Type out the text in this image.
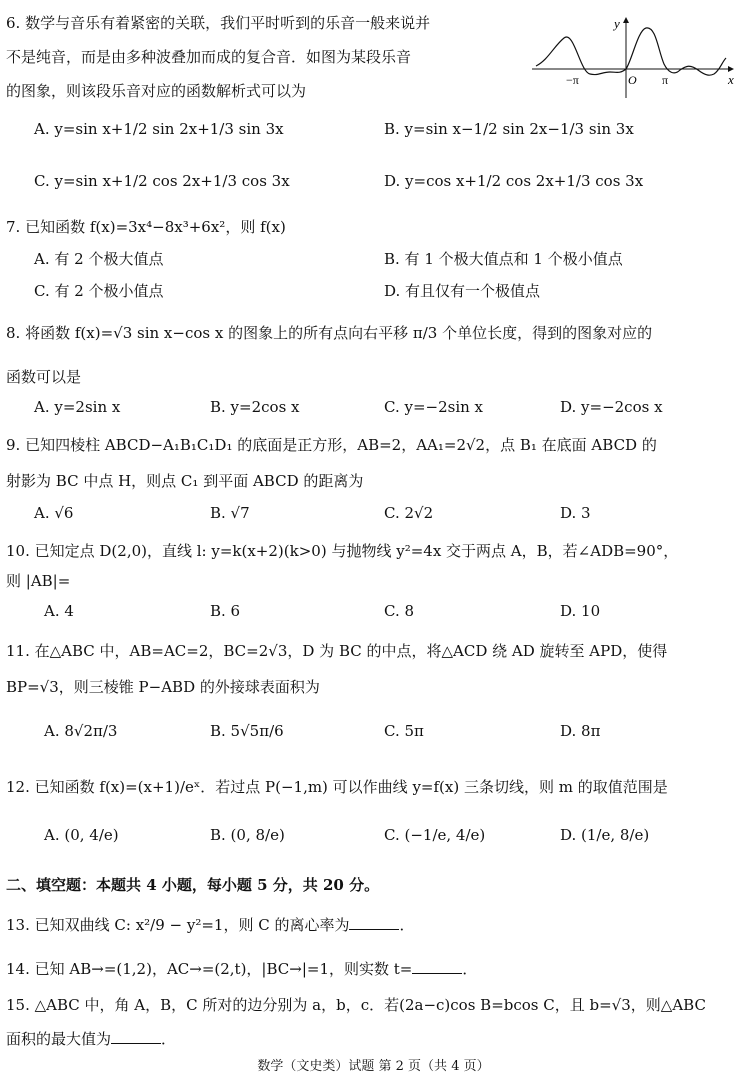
6. 数学与音乐有着紧密的关联，我们平时听到的乐音一般来说并
不是纯音，而是由多种波叠加而成的复合音．如图为某段乐音
的图象，则该段乐音对应的函数解析式可以为
y
x
O
−π	π
A. y=sin x+1/2 sin 2x+1/3 sin 3x	B. y=sin x−1/2 sin 2x−1/3 sin 3x
C. y=sin x+1/2 cos 2x+1/3 cos 3x	D. y=cos x+1/2 cos 2x+1/3 cos 3x
7. 已知函数 f(x)=3x⁴−8x³+6x²，则 f(x)
A. 有 2 个极大值点	B. 有 1 个极大值点和 1 个极小值点
C. 有 2 个极小值点	D. 有且仅有一个极值点
8. 将函数 f(x)=√3 sin x−cos x 的图象上的所有点向右平移 π/3 个单位长度，得到的图象对应的
函数可以是
A. y=2sin x	B. y=2cos x	C. y=−2sin x	D. y=−2cos x
9. 已知四棱柱 ABCD−A₁B₁C₁D₁ 的底面是正方形，AB=2，AA₁=2√2，点 B₁ 在底面 ABCD 的
射影为 BC 中点 H，则点 C₁ 到平面 ABCD 的距离为
A. √6	B. √7	C. 2√2	D. 3
10. 已知定点 D(2,0)，直线 l: y=k(x+2)(k>0) 与抛物线 y²=4x 交于两点 A，B，若∠ADB=90°，
则 |AB|=
A. 4	B. 6	C. 8	D. 10
11. 在△ABC 中，AB=AC=2，BC=2√3，D 为 BC 的中点，将△ACD 绕 AD 旋转至 APD，使得
BP=√3，则三棱锥 P−ABD 的外接球表面积为
A. 8√2π/3	B. 5√5π/6	C. 5π	D. 8π
12. 已知函数 f(x)=(x+1)/eˣ．若过点 P(−1,m) 可以作曲线 y=f(x) 三条切线，则 m 的取值范围是
A. (0, 4/e)	B. (0, 8/e)	C. (−1/e, 4/e)	D. (1/e, 8/e)
二、填空题：本题共 4 小题，每小题 5 分，共 20 分。
13. 已知双曲线 C: x²/9 − y²=1，则 C 的离心率为	．
14. 已知 AB→=(1,2)，AC→=(2,t)，|BC→|=1，则实数 t=	．
15. △ABC 中，角 A，B，C 所对的边分别为 a，b，c．若(2a−c)cos B=bcos C，且 b=√3，则△ABC
面积的最大值为	．
数学（文史类）试题 第 2 页（共 4 页）
